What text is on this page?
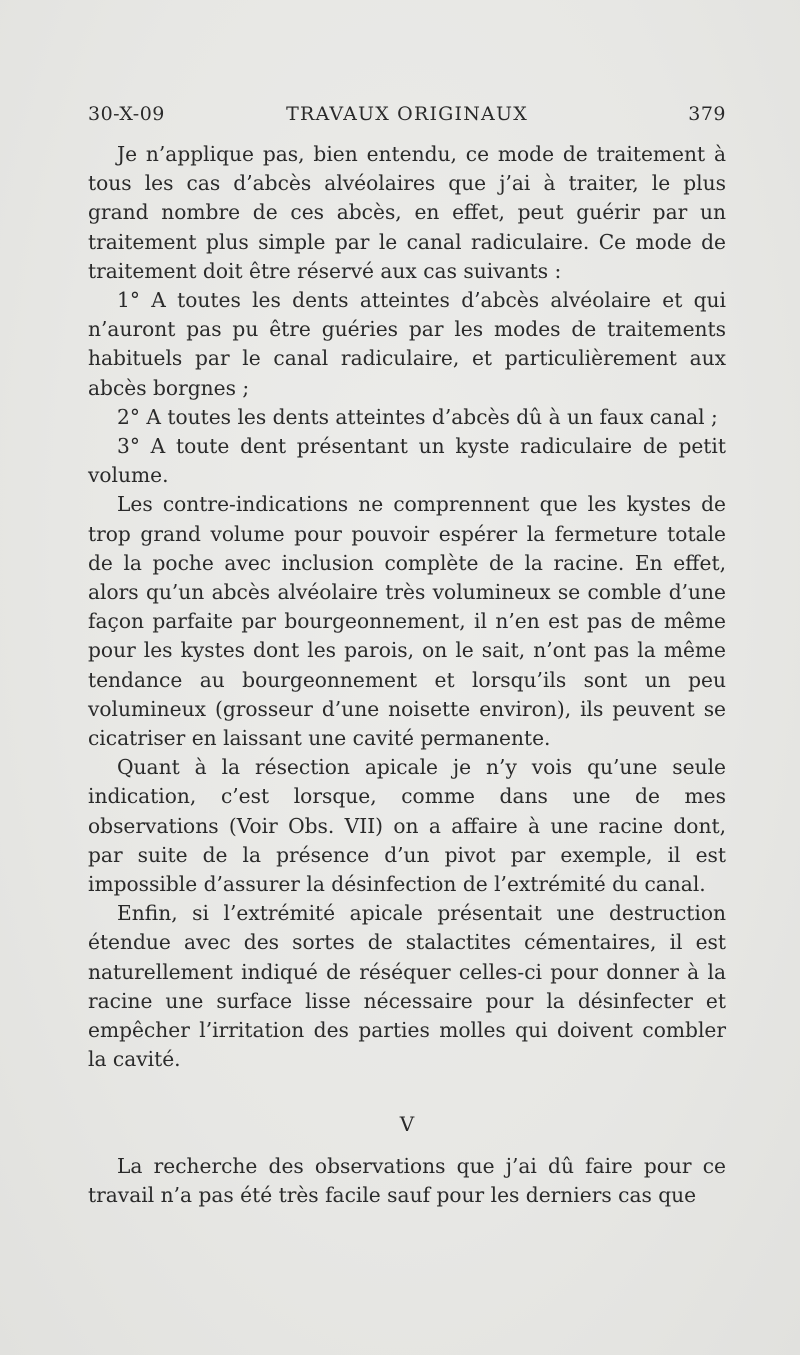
30-X-09	TRAVAUX ORIGINAUX	379

Je n’applique pas, bien entendu, ce mode de traitement à tous les cas d’abcès alvéolaires que j’ai à traiter, le plus grand nombre de ces abcès, en effet, peut guérir par un traitement plus simple par le canal radiculaire. Ce mode de traitement doit être réservé aux cas suivants :

1° A toutes les dents atteintes d’abcès alvéolaire et qui n’auront pas pu être guéries par les modes de traitements habituels par le canal radiculaire, et particulièrement aux abcès borgnes ;

2° A toutes les dents atteintes d’abcès dû à un faux canal ;

3° A toute dent présentant un kyste radiculaire de petit volume.

Les contre-indications ne comprennent que les kystes de trop grand volume pour pouvoir espérer la fermeture totale de la poche avec inclusion complète de la racine. En effet, alors qu’un abcès alvéolaire très volumineux se comble d’une façon parfaite par bourgeonnement, il n’en est pas de même pour les kystes dont les parois, on le sait, n’ont pas la même tendance au bourgeonnement et lorsqu’ils sont un peu volumineux (grosseur d’une noisette environ), ils peuvent se cicatriser en laissant une cavité permanente.

Quant à la résection apicale je n’y vois qu’une seule indication, c’est lorsque, comme dans une de mes observations (Voir Obs. VII) on a affaire à une racine dont, par suite de la présence d’un pivot par exemple, il est impossible d’assurer la désinfection de l’extrémité du canal.

Enfin, si l’extrémité apicale présentait une destruction étendue avec des sortes de stalactites cémentaires, il est naturellement indiqué de réséquer celles-ci pour donner à la racine une surface lisse nécessaire pour la désinfecter et empêcher l’irritation des parties molles qui doivent combler la cavité.

V

La recherche des observations que j’ai dû faire pour ce travail n’a pas été très facile sauf pour les derniers cas que
